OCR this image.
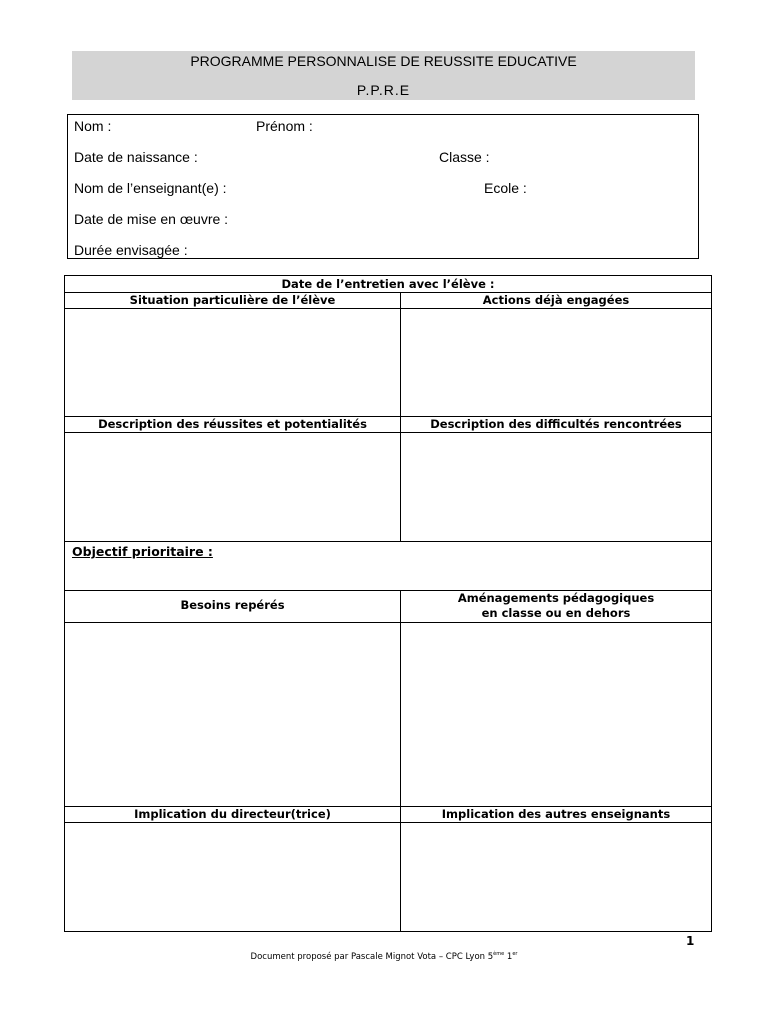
PROGRAMME PERSONNALISE DE REUSSITE EDUCATIVE
P.P.R.E
Nom :	Prénom :
Date de naissance :	Classe :
Nom de l’enseignant(e) :	Ecole :
Date de mise en œuvre :
Durée envisagée :
Date de l’entretien avec l’élève :
Situation particulière de l’élève	Actions déjà engagées
Description des réussites et potentialités	Description des difficultés rencontrées
Objectif prioritaire :
Besoins repérés	Aménagements pédagogiques
en classe ou en dehors
Implication du directeur(trice)	Implication des autres enseignants
1
Document proposé par Pascale Mignot Vota – CPC Lyon 5ème 1er
